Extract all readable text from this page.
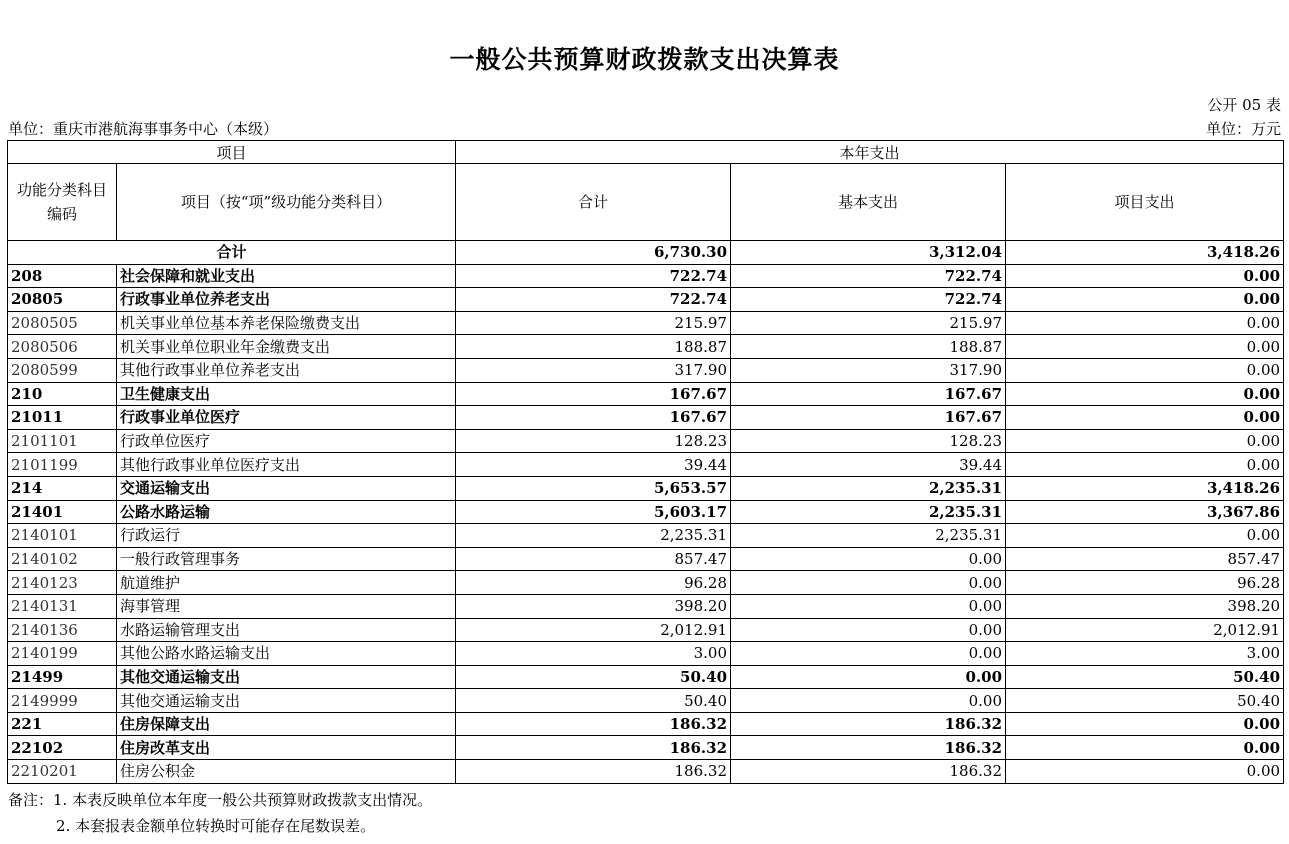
一般公共预算财政拨款支出决算表
公开 05 表
单位：重庆市港航海事事务中心（本级）	单位：万元
项目		本年支出		
功能分类科目编码	项目（按“项”级功能分类科目）	合计	基本支出	项目支出
合计		6,730.30	3,312.04	3,418.26
208	社会保障和就业支出	722.74	722.74	0.00
20805	行政事业单位养老支出	722.74	722.74	0.00
2080505	机关事业单位基本养老保险缴费支出	215.97	215.97	0.00
2080506	机关事业单位职业年金缴费支出	188.87	188.87	0.00
2080599	其他行政事业单位养老支出	317.90	317.90	0.00
210	卫生健康支出	167.67	167.67	0.00
21011	行政事业单位医疗	167.67	167.67	0.00
2101101	行政单位医疗	128.23	128.23	0.00
2101199	其他行政事业单位医疗支出	39.44	39.44	0.00
214	交通运输支出	5,653.57	2,235.31	3,418.26
21401	公路水路运输	5,603.17	2,235.31	3,367.86
2140101	行政运行	2,235.31	2,235.31	0.00
2140102	一般行政管理事务	857.47	0.00	857.47
2140123	航道维护	96.28	0.00	96.28
2140131	海事管理	398.20	0.00	398.20
2140136	水路运输管理支出	2,012.91	0.00	2,012.91
2140199	其他公路水路运输支出	3.00	0.00	3.00
21499	其他交通运输支出	50.40	0.00	50.40
2149999	其他交通运输支出	50.40	0.00	50.40
221	住房保障支出	186.32	186.32	0.00
22102	住房改革支出	186.32	186.32	0.00
2210201	住房公积金	186.32	186.32	0.00
备注：1. 本表反映单位本年度一般公共预算财政拨款支出情况。
2. 本套报表金额单位转换时可能存在尾数误差。
